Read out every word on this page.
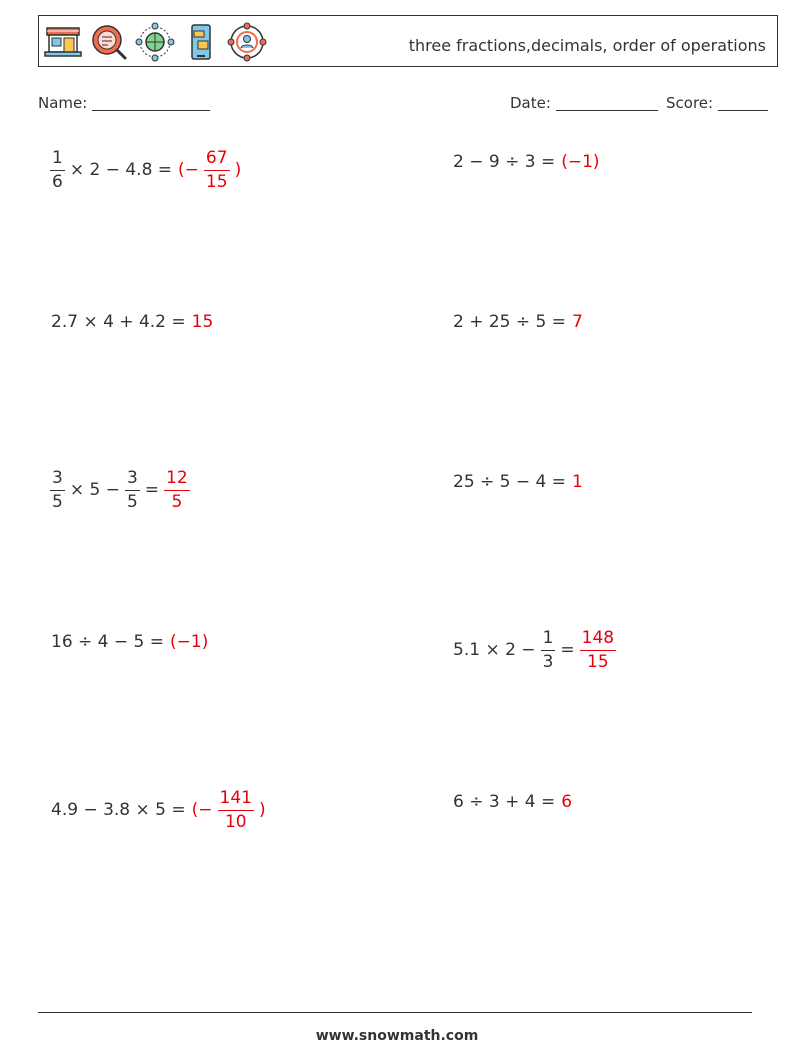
three fractions,decimals, order of operations
Name:	Date:	Score:
$\frac{1}{6} \times 2 - 4.8$ = (− $\frac{67}{15}$ )	2 − 9 ÷ 3 = (−1)
2.7 × 4 + 4.2 = 15	2 + 25 ÷ 5 = 7
$\frac{3}{5} \times 5 - \frac{3}{5} = \frac{12}{5}$	25 ÷ 5 − 4 = 1
16 ÷ 4 − 5 = (−1)	$5.1 \times 2 - \frac{1}{3} = \frac{148}{15}$
4.9 − 3.8 × 5 = (− $\frac{141}{10}$ )	6 ÷ 3 + 4 = 6
www.snowmath.com
